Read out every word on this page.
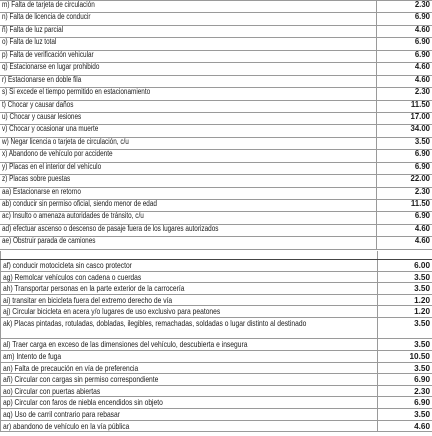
m) Falta de tarjeta de circulación	2.30
n) Falta de licencia de conducir	6.90
ñ) Falta de luz parcial	4.60
o) Falta de luz total	6.90
p) Falta de verificación vehicular	6.90
q) Estacionarse en lugar prohibido	4.60
r) Estacionarse en doble fila	4.60
s) Si excede el tiempo permitido en estacionamiento	2.30
t) Chocar y causar daños	11.50
u) Chocar y causar lesiones	17.00
v) Chocar y ocasionar una muerte	34.00
w) Negar licencia o tarjeta de circulación, c/u	3.50
x) Abandono de vehículo por accidente	6.90
y) Placas en el interior del vehículo	6.90
z) Placas sobre puestas	22.00
aa) Estacionarse en retorno	2.30
ab) conducir sin permiso oficial, siendo menor de edad	11.50
ac) Insulto o amenaza autoridades de tránsito, c/u	6.90
ad) efectuar ascenso o descenso de pasaje fuera de los lugares autorizados	4.60
ae) Obstruir parada de camiones	4.60
af) conducir motocicleta sin casco protector	6.00
ag) Remolcar vehículos con cadena o cuerdas	3.50
ah) Transportar personas en la parte exterior de la carrocería	3.50
ai) transitar en bicicleta fuera del extremo derecho de vía	1.20
aj) Circular bicicleta en acera y/o lugares de uso exclusivo para peatones	1.20
ak) Placas pintadas, rotuladas, dobladas, ilegibles, remachadas, soldadas o lugar distinto al destinado	3.50
al) Traer carga en exceso de las dimensiones del vehículo, descubierta e insegura	3.50
am) Intento de fuga	10.50
an) Falta de precaución en vía de preferencia	3.50
añ) Circular con cargas sin permiso correspondiente	6.90
ao) Circular con puertas abiertas	2.30
ap) Circular con faros de niebla encendidos sin objeto	6.90
aq) Uso de carril contrario para rebasar	3.50
ar) abandono de vehículo en la vía pública	4.60
